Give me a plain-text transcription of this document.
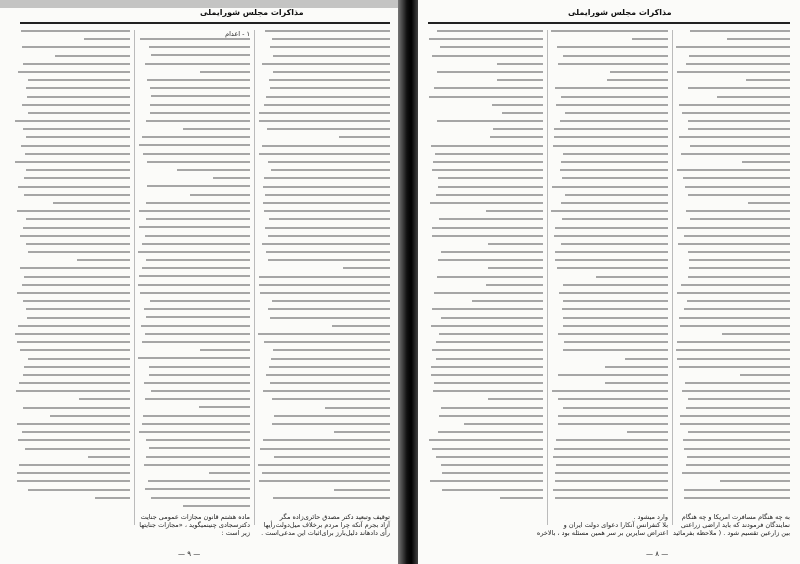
مذاکرات مجلس شورایملی
۱ - اعدام
ماده هشتم قانون مجازات عمومی جنایت
دکترسجادی چنینمیگوید ، «مجازات جنایتها
زیر است :
توقیف وتبعید دکتر مصدق حائری‌زاده مگر
آزاد بجرم آنکه چرا مردم برخلاف میل‌دولت‌رأیها
رأی دادهاند دلیل‌بارز برای‌اثبات این مدعی‌است .
— ۹ —
مذاکرات مجلس شورایملی
وارد میشود .
بلا کنفرانس آنکارا دعوای دولت ایران و
اعتراض سایرین بر سر همین مسئله بود ، بالاخره
به چه هنگام مسافرت امریکا و چه هنگام
نمایندگان فرمودند که باید اراضی زراعتی
بین زارعین تقسیم شود . ( ملاحظه بفرمائید
— ۸ —
